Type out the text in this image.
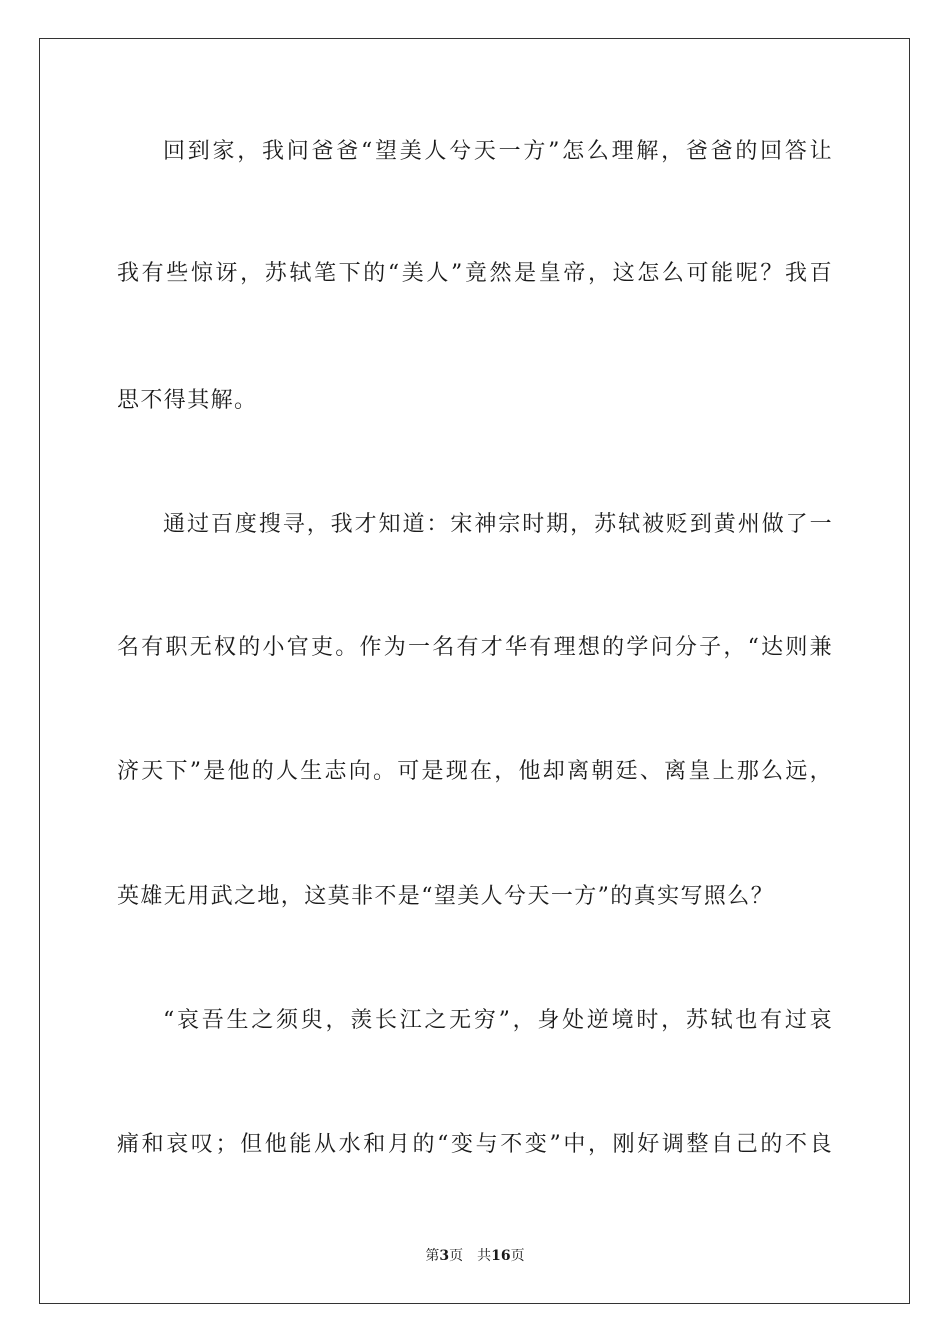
回到家，我问爸爸“望美人兮天一方”怎么理解，爸爸的回答让
我有些惊讶，苏轼笔下的“美人”竟然是皇帝，这怎么可能呢？我百
思不得其解。
通过百度搜寻，我才知道：宋神宗时期，苏轼被贬到黄州做了一
名有职无权的小官吏。作为一名有才华有理想的学问分子，“达则兼
济天下”是他的人生志向。可是现在，他却离朝廷、离皇上那么远，
英雄无用武之地，这莫非不是“望美人兮天一方”的真实写照么？
“哀吾生之须臾，羡长江之无穷”，身处逆境时，苏轼也有过哀
痛和哀叹；但他能从水和月的“变与不变”中，刚好调整自己的不良
第3页 共16页
